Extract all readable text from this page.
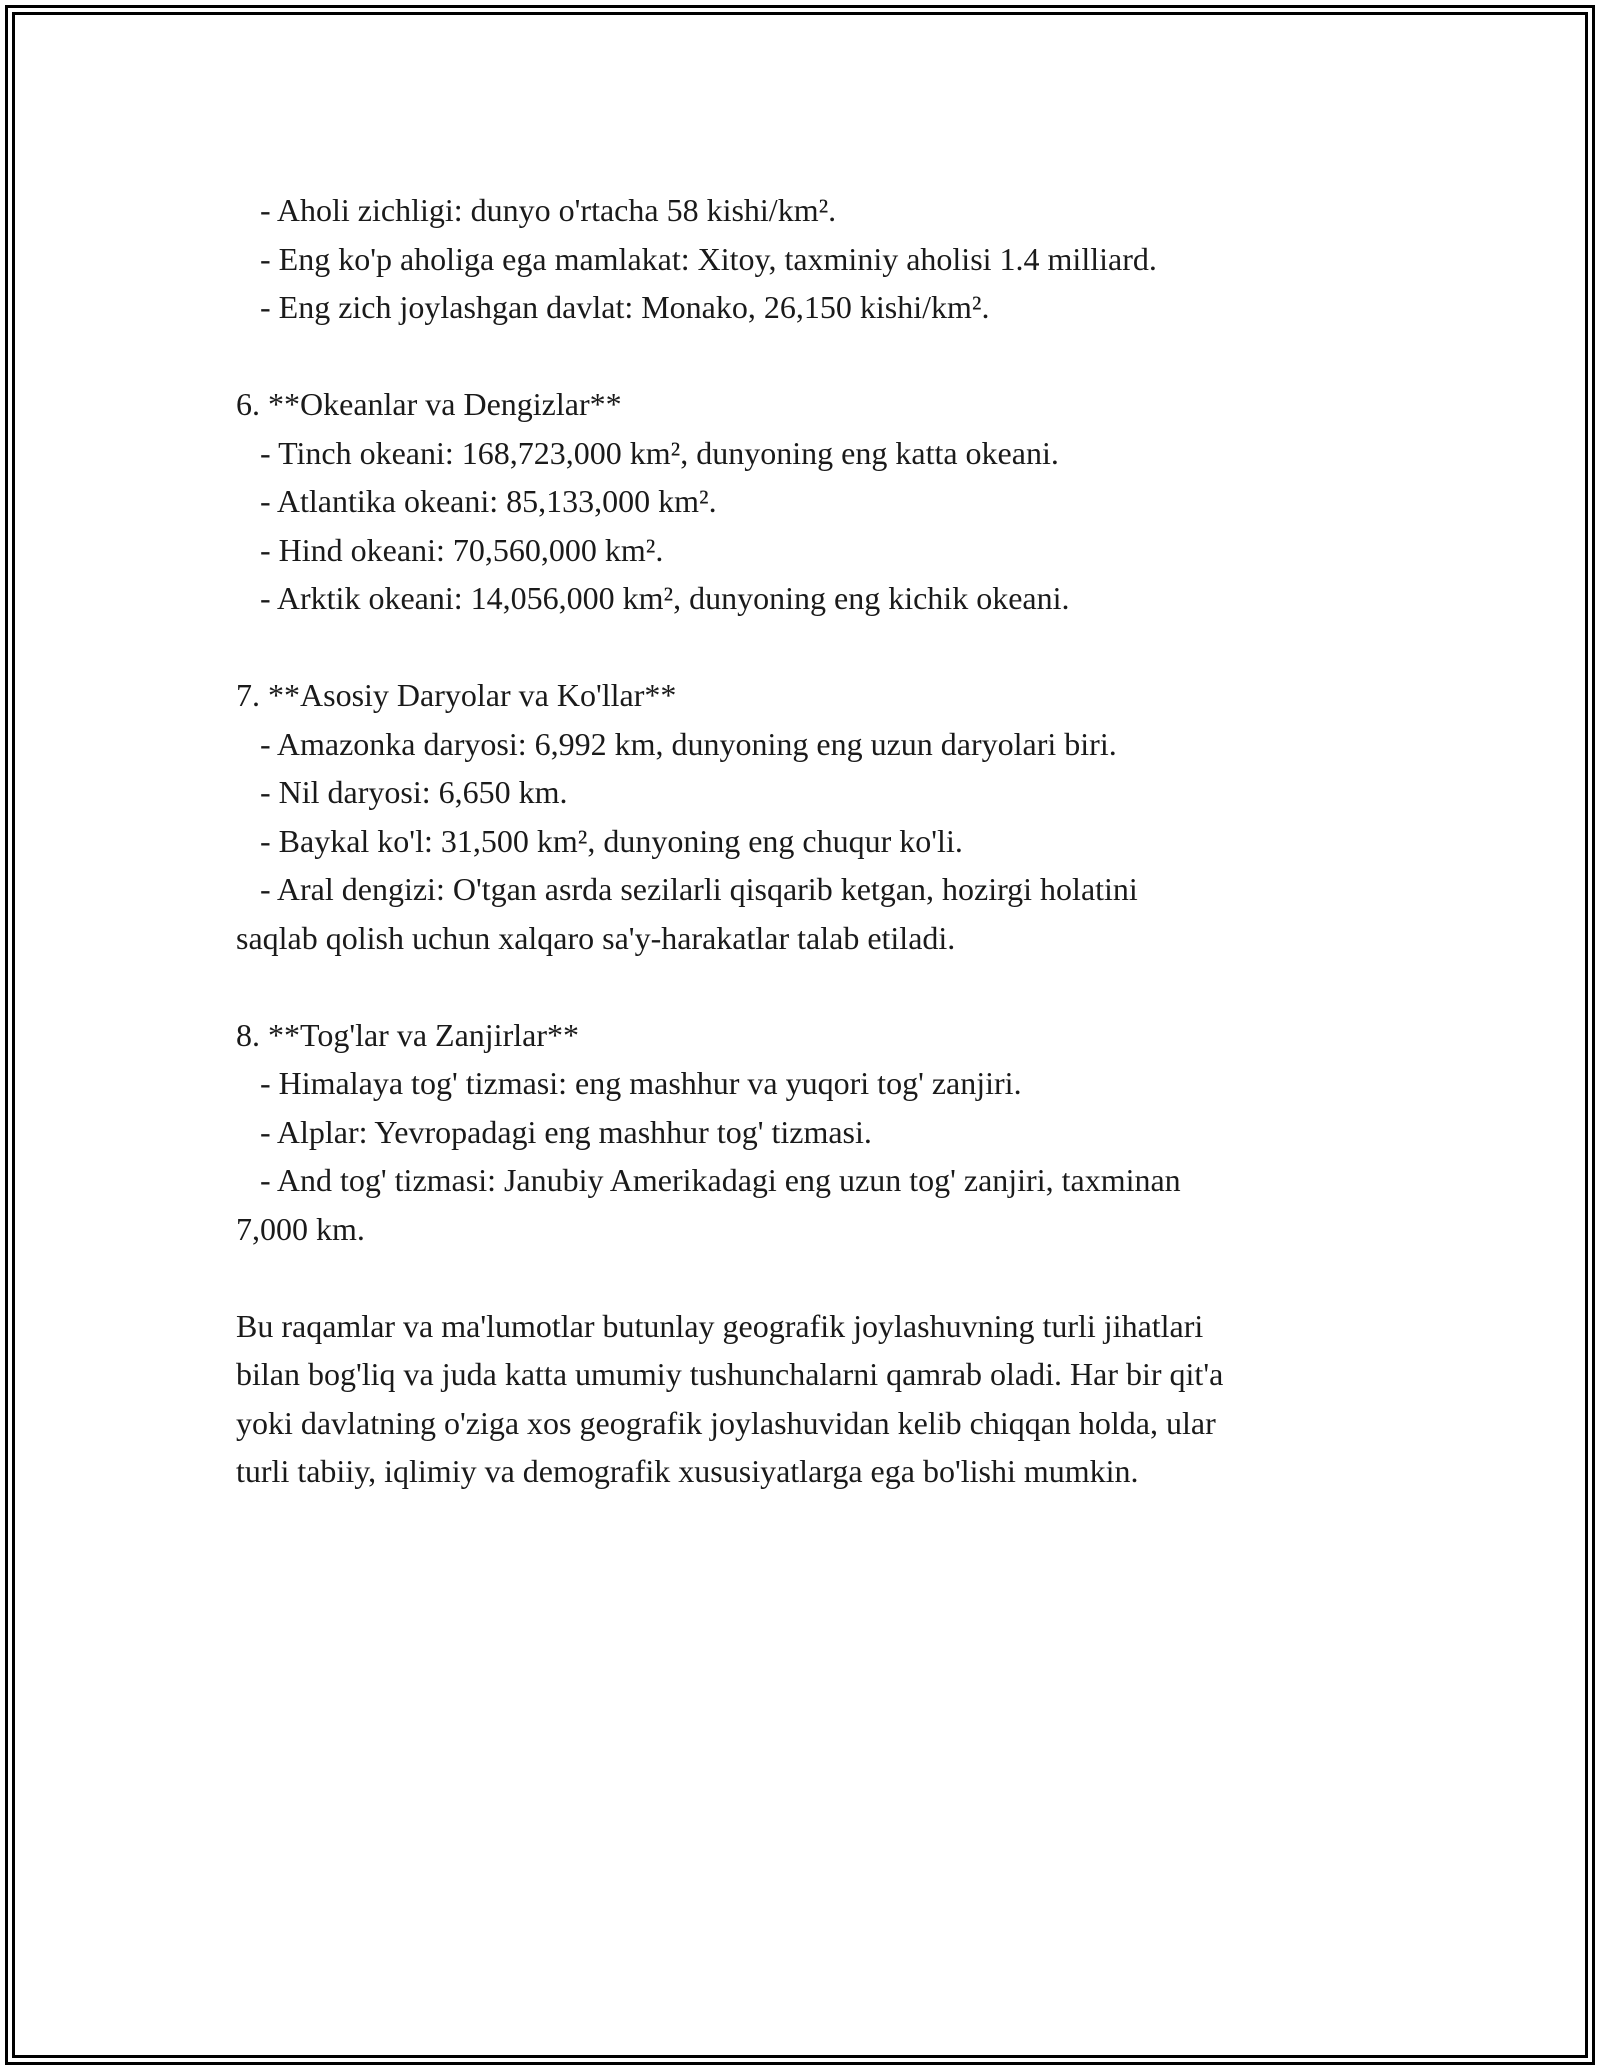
- Aholi zichligi: dunyo o'rtacha 58 kishi/km².

- Eng ko'p aholiga ega mamlakat: Xitoy, taxminiy aholisi 1.4 milliard.

- Eng zich joylashgan davlat: Monako, 26,150 kishi/km².

6. **Okeanlar va Dengizlar**

- Tinch okeani: 168,723,000 km², dunyoning eng katta okeani.

- Atlantika okeani: 85,133,000 km².

- Hind okeani: 70,560,000 km².

- Arktik okeani: 14,056,000 km², dunyoning eng kichik okeani.

7. **Asosiy Daryolar va Ko'llar**

- Amazonka daryosi: 6,992 km, dunyoning eng uzun daryolari biri.

- Nil daryosi: 6,650 km.

- Baykal ko'l: 31,500 km², dunyoning eng chuqur ko'li.

- Aral dengizi: O'tgan asrda sezilarli qisqarib ketgan, hozirgi holatini

saqlab qolish uchun xalqaro sa'y-harakatlar talab etiladi.

8. **Tog'lar va Zanjirlar**

- Himalaya tog' tizmasi: eng mashhur va yuqori tog' zanjiri.

- Alplar: Yevropadagi eng mashhur tog' tizmasi.

- And tog' tizmasi: Janubiy Amerikadagi eng uzun tog' zanjiri, taxminan

7,000 km.

Bu raqamlar va ma'lumotlar butunlay geografik joylashuvning turli jihatlari

bilan bog'liq va juda katta umumiy tushunchalarni qamrab oladi. Har bir qit'a

yoki davlatning o'ziga xos geografik joylashuvidan kelib chiqqan holda, ular

turli tabiiy, iqlimiy va demografik xususiyatlarga ega bo'lishi mumkin.
